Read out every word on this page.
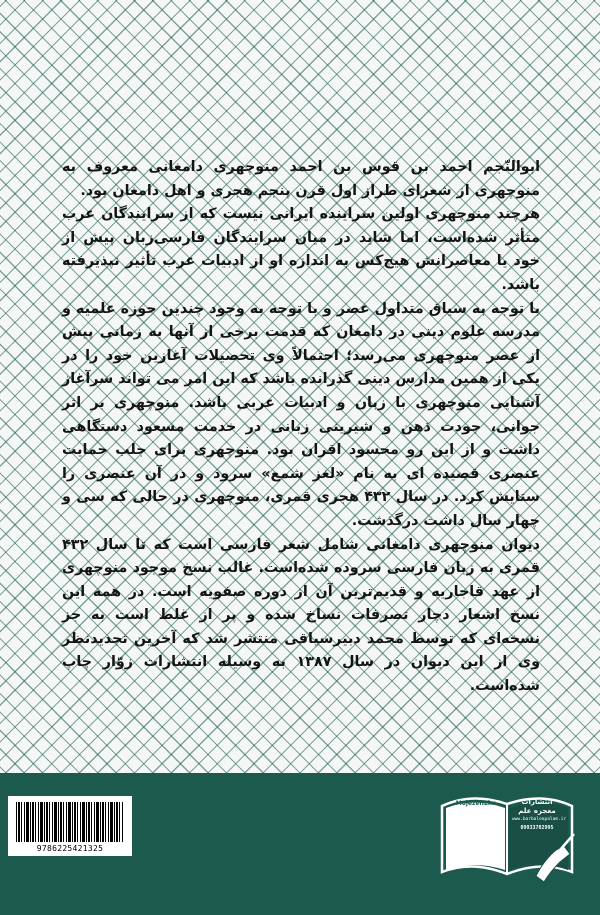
ابوالنّجم احمد بن قوس بن احمد منوچهری دامغانی معروف به منوچهری از شعرای طراز اول قرن پنجم هجری و اهل دامغان بود.

هرچند منوچهری اولین سراینده ایرانی نیست که از سرایندگان عرب متأثر شده‌است، اما شاید در میان سرایندگان فارسی‌زبان پیش از خود یا معاصرانش هیچ‌کس به اندازه او از ادبیات عرب تأثیر نپذیرفته باشد.

با توجه به سیاق متداول عصر و با توجه به وجود چندین حوزه علمیه و مدرسه علوم دینی در دامغان که قدمت برخی از آنها به زمانی پیش از عصر منوچهری می‌رسد؛ احتمالاً وی تحصیلات آغازین خود را در یکی از همین مدارس دینی گذرانده باشد که این امر می تواند سرآغاز آشنایی منوچهری با زبان و ادبیات عربی باشد. منوچهری بر اثر جوانی، جودت ذهن و شیرینی زبانی در خدمت مسعود دستگاهی داشت و از این رو محسود اقران بود. منوچهری برای جلب حمایت عنصری قصیده ای به نام «لغز شمع» سرود و در آن عنصری را ستایش کرد. در سال ۴۳۲ هجری قمری، منوچهری در حالی که سی و چهار سال داشت درگذشت.

دیوان منوچهری دامغانی شامل شعر فارسی است که تا سال ۴۳۲ قمری به زبان فارسی سروده شده‌است. غالب نسخ موجود منوچهری از عهد قاجاریه و قدیم‌ترین آن از دوره صفویه است. در همه این نسخ اشعار دچار تصرفات نساخ شده و پر از غلط است به جز نسخه‌ای که توسط محمد دبیرسیاقی منتشر شد که آخرین تجدیدنظر وی از این دیوان در سال ۱۳۸۷ به وسیله انتشارات زوّار چاپ شده‌است.

9786225421325
MojezehElm	انتشارات
معجزه علم
www.barbaleapalam.ir
09933702995
